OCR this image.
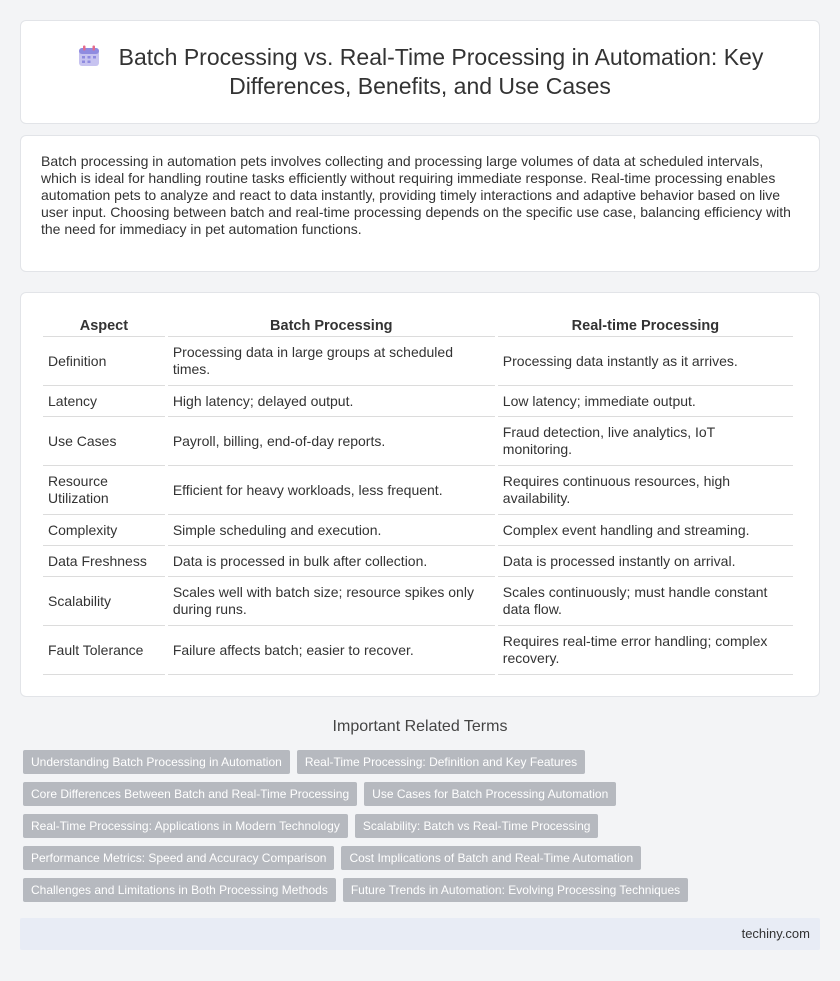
Batch Processing vs. Real-Time Processing in Automation: Key Differences, Benefits, and Use Cases

Batch processing in automation pets involves collecting and processing large volumes of data at scheduled intervals, which is ideal for handling routine tasks efficiently without requiring immediate response. Real-time processing enables automation pets to analyze and react to data instantly, providing timely interactions and adaptive behavior based on live user input. Choosing between batch and real-time processing depends on the specific use case, balancing efficiency with the need for immediacy in pet automation functions.

Aspect	Batch Processing	Real-time Processing
Definition	Processing data in large groups at scheduled times.	Processing data instantly as it arrives.
Latency	High latency; delayed output.	Low latency; immediate output.
Use Cases	Payroll, billing, end-of-day reports.	Fraud detection, live analytics, IoT monitoring.
Resource Utilization	Efficient for heavy workloads, less frequent.	Requires continuous resources, high availability.
Complexity	Simple scheduling and execution.	Complex event handling and streaming.
Data Freshness	Data is processed in bulk after collection.	Data is processed instantly on arrival.
Scalability	Scales well with batch size; resource spikes only during runs.	Scales continuously; must handle constant data flow.
Fault Tolerance	Failure affects batch; easier to recover.	Requires real-time error handling; complex recovery.
Important Related Terms
Understanding Batch Processing in Automation	Real-Time Processing: Definition and Key Features
Core Differences Between Batch and Real-Time Processing	Use Cases for Batch Processing Automation
Real-Time Processing: Applications in Modern Technology	Scalability: Batch vs Real-Time Processing
Performance Metrics: Speed and Accuracy Comparison	Cost Implications of Batch and Real-Time Automation
Challenges and Limitations in Both Processing Methods	Future Trends in Automation: Evolving Processing Techniques
techiny.com
